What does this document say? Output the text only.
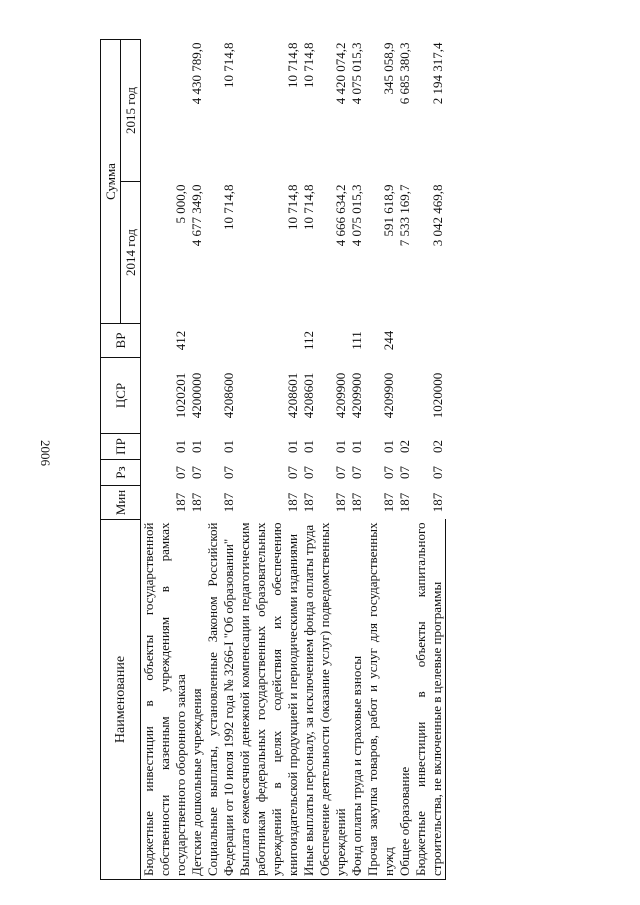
2006
Наименование	Мин	Рз	ПР	ЦСР	ВР	Сумма	
						2014 год	2015 год
Бюджетные инвестиции в объекты государственной собственности казенным учреждениям в рамках государственного оборонного заказа	187	07	01	1020201	412	5 000,0	
Детские дошкольные учреждения	187	07	01	4200000		4 677 349,0	4 430 789,0
Социальные выплаты, установленные Законом Российской Федерации от 10 июля 1992 года № 3266-I "Об образовании"	187	07	01	4208600		10 714,8	10 714,8
Выплата ежемесячной денежной компенсации педагогическим работникам федеральных государственных образовательных учреждений в целях содействия их обеспечению книгоиздательской продукцией и периодическими изданиями	187	07	01	4208601		10 714,8	10 714,8
Иные выплаты персоналу, за исключением фонда оплаты труда	187	07	01	4208601	112	10 714,8	10 714,8
Обеспечение деятельности (оказание услуг) подведомственных учреждений	187	07	01	4209900		4 666 634,2	4 420 074,2
Фонд оплаты труда и страховые взносы	187	07	01	4209900	111	4 075 015,3	4 075 015,3
Прочая закупка товаров, работ и услуг для государственных нужд	187	07	01	4209900	244	591 618,9	345 058,9
Общее образование	187	07	02			7 533 169,7	6 685 380,3
Бюджетные инвестиции в объекты капитального строительства, не включенные в целевые программы	187	07	02	1020000		3 042 469,8	2 194 317,4
